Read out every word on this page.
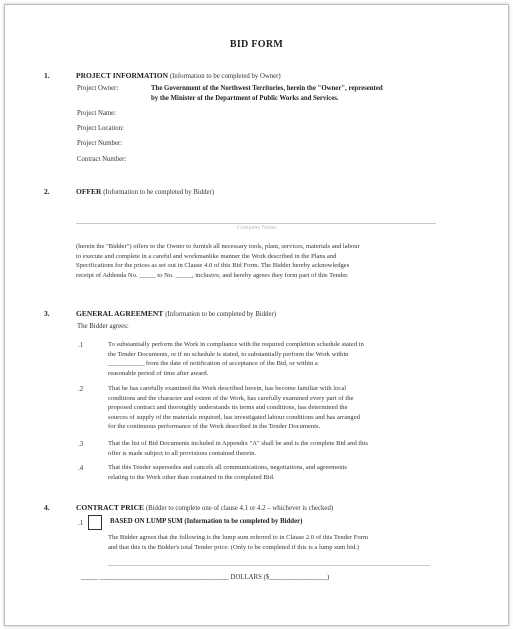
BID FORM
1.	PROJECT INFORMATION (Information to be completed by Owner)
Project Owner:	The Government of the Northwest Territories, herein the "Owner", represented
by the Minister of the Department of Public Works and Services.
Project Name:
Project Location:
Project Number:
Contract Number:
2.	OFFER (Information to be completed by Bidder)
Company Name
(herein the "Bidder") offers to the Owner to furnish all necessary tools, plant, services, materials and labour
to execute and complete in a careful and workmanlike manner the Work described in the Plans and
Specifications for the prices as set out in Clause 4.0 of this Bid Form. The Bidder hereby acknowledges
receipt of Addenda No. _____ to No. _____, inclusive, and hereby agrees they form part of this Tender.
3.	GENERAL AGREEMENT (Information to be completed by Bidder)
The Bidder agrees:
.1	To substantially perform the Work in compliance with the required completion schedule stated in
the Tender Documents, or if no schedule is stated, to substantially perform the Work within
___________ from the date of notification of acceptance of the Bid, or within a
reasonable period of time after award.
.2	That he has carefully examined the Work described herein, has become familiar with local
conditions and the character and extent of the Work, has carefully examined every part of the
proposed contract and thoroughly understands its terms and conditions, has determined the
sources of supply of the materials required, has investigated labour conditions and has arranged
for the continuous performance of the Work described in the Tender Documents.
.3	That the list of Bid Documents included in Appendix "A" shall be and is the complete Bid and this
offer is made subject to all provisions contained therein.
.4	That this Tender supersedes and cancels all communications, negotiations, and agreements
relating to the Work other than contained in the completed Bid.
4.	CONTRACT PRICE (Bidder to complete one of clause 4.1 or 4.2 – whichever is checked)
.1	BASED ON LUMP SUM (Information to be completed by Bidder)
The Bidder agrees that the following is the lump sum referred to in Clause 2.0 of this Tender Form
and that this is the Bidder's total Tender price: (Only to be completed if this is a lump sum bid.)
_____ ______________________________________ DOLLARS ($_________________)
